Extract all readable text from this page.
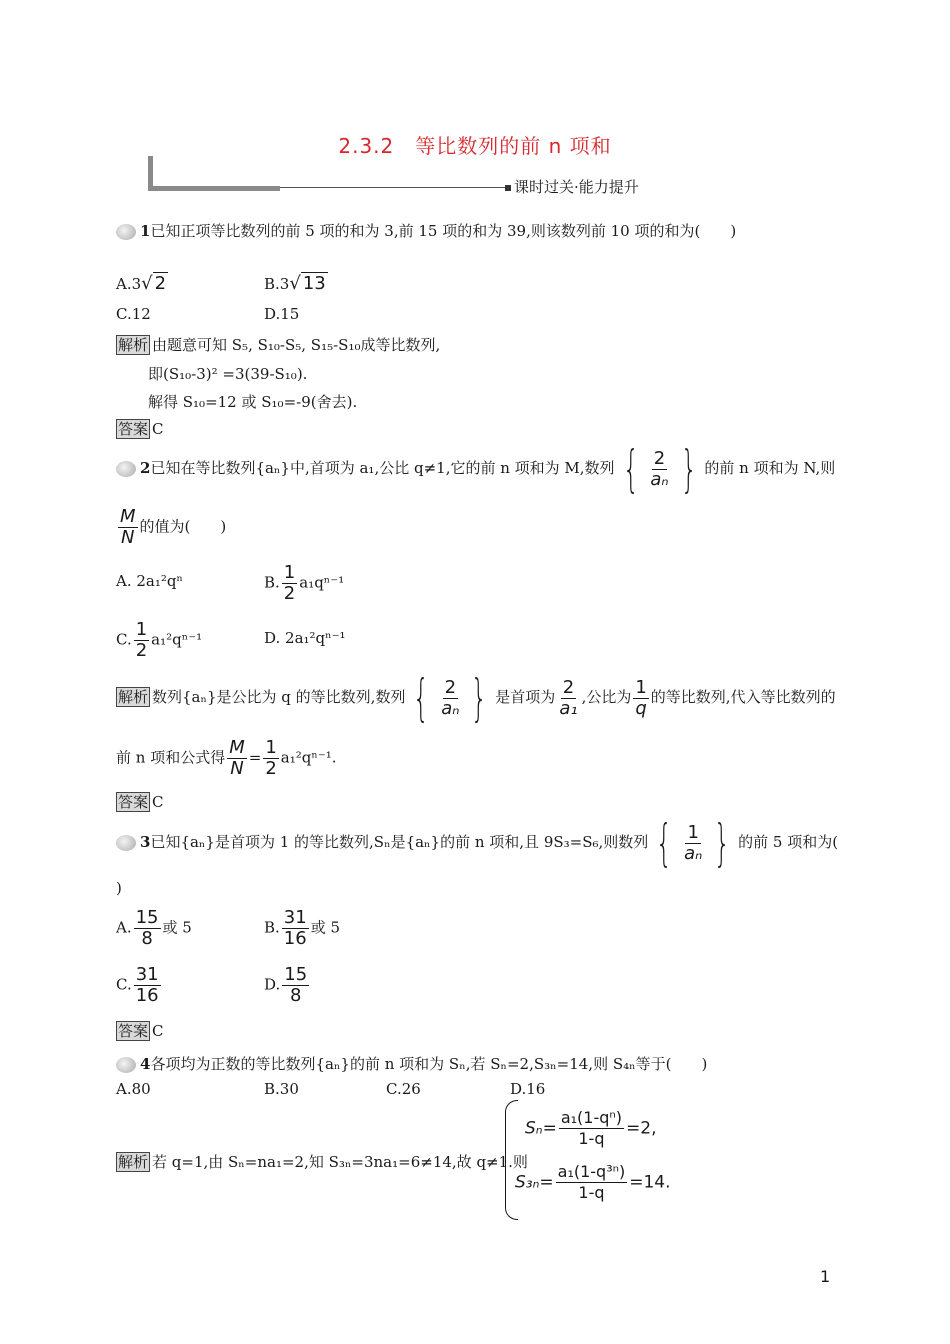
2.3.2　等比数列的前 n 项和
课时过关·能力提升
1已知正项等比数列的前 5 项的和为 3,前 15 项的和为 39,则该数列前 10 项的和为(　　)
A.3√ 2	B.3√ 13
C.12	D.15
解析 由题意可知 S₅, S₁₀-S₅, S₁₅-S₁₀成等比数列,
即(S₁₀-3)² =3(39-S₁₀).
解得 S₁₀=12 或 S₁₀=-9(舍去).
答案 C
2已知在等比数列{aₙ}中,首项为 a₁,公比 q≠1,它的前 n 项和为 M,数列 { $\frac{2}{\text{aₙ}}$ } 的前 n 项和为 N,则
$\frac{M}{N}$ 的值为(　　)
A. 2a₁²qⁿ	B. $\frac{1}{2} a_1q^{n-1}$
C. $\frac{1}{2} a_1^2q^{n-1}$	D. 2a₁²qⁿ⁻¹
解析 数列{aₙ}是公比为 q 的等比数列,数列 { $\frac{2}{\text{aₙ}}$ } 是首项为 $\frac{2}{\text{a₁}}$ ,公比为 $\frac{1}{q}$ 的等比数列,代入等比数列的
前 n 项和公式得 $\frac{M}{N} = \frac{1}{2} a_1^2q^{n-1}$.
答案 C
3已知{aₙ}是首项为 1 的等比数列,Sₙ是{aₙ}的前 n 项和,且 9S₃=S₆,则数列 { $\frac{1}{\text{aₙ}}$ } 的前 5 项和为(
)
A. $\frac{15}{8}$ 或 5	B. $\frac{31}{16}$ 或 5
C. $\frac{31}{16}$	D. $\frac{15}{8}$
答案 C
4各项均为正数的等比数列{aₙ}的前 n 项和为 Sₙ,若 Sₙ=2,S₃ₙ=14,则 S₄ₙ等于(　　)
A.80	B.30	C.26	D.16
解析 若 q=1,由 Sₙ=na₁=2,知 S₃ₙ=3na₁=6≠14,故 q≠1.则
$S_n= \frac{\text{a₁(1-qⁿ)}}{1-q} =2$,
$S_{3n}= \frac{\text{a₁(1-q³ⁿ)}}{1-q} =14$.
1
